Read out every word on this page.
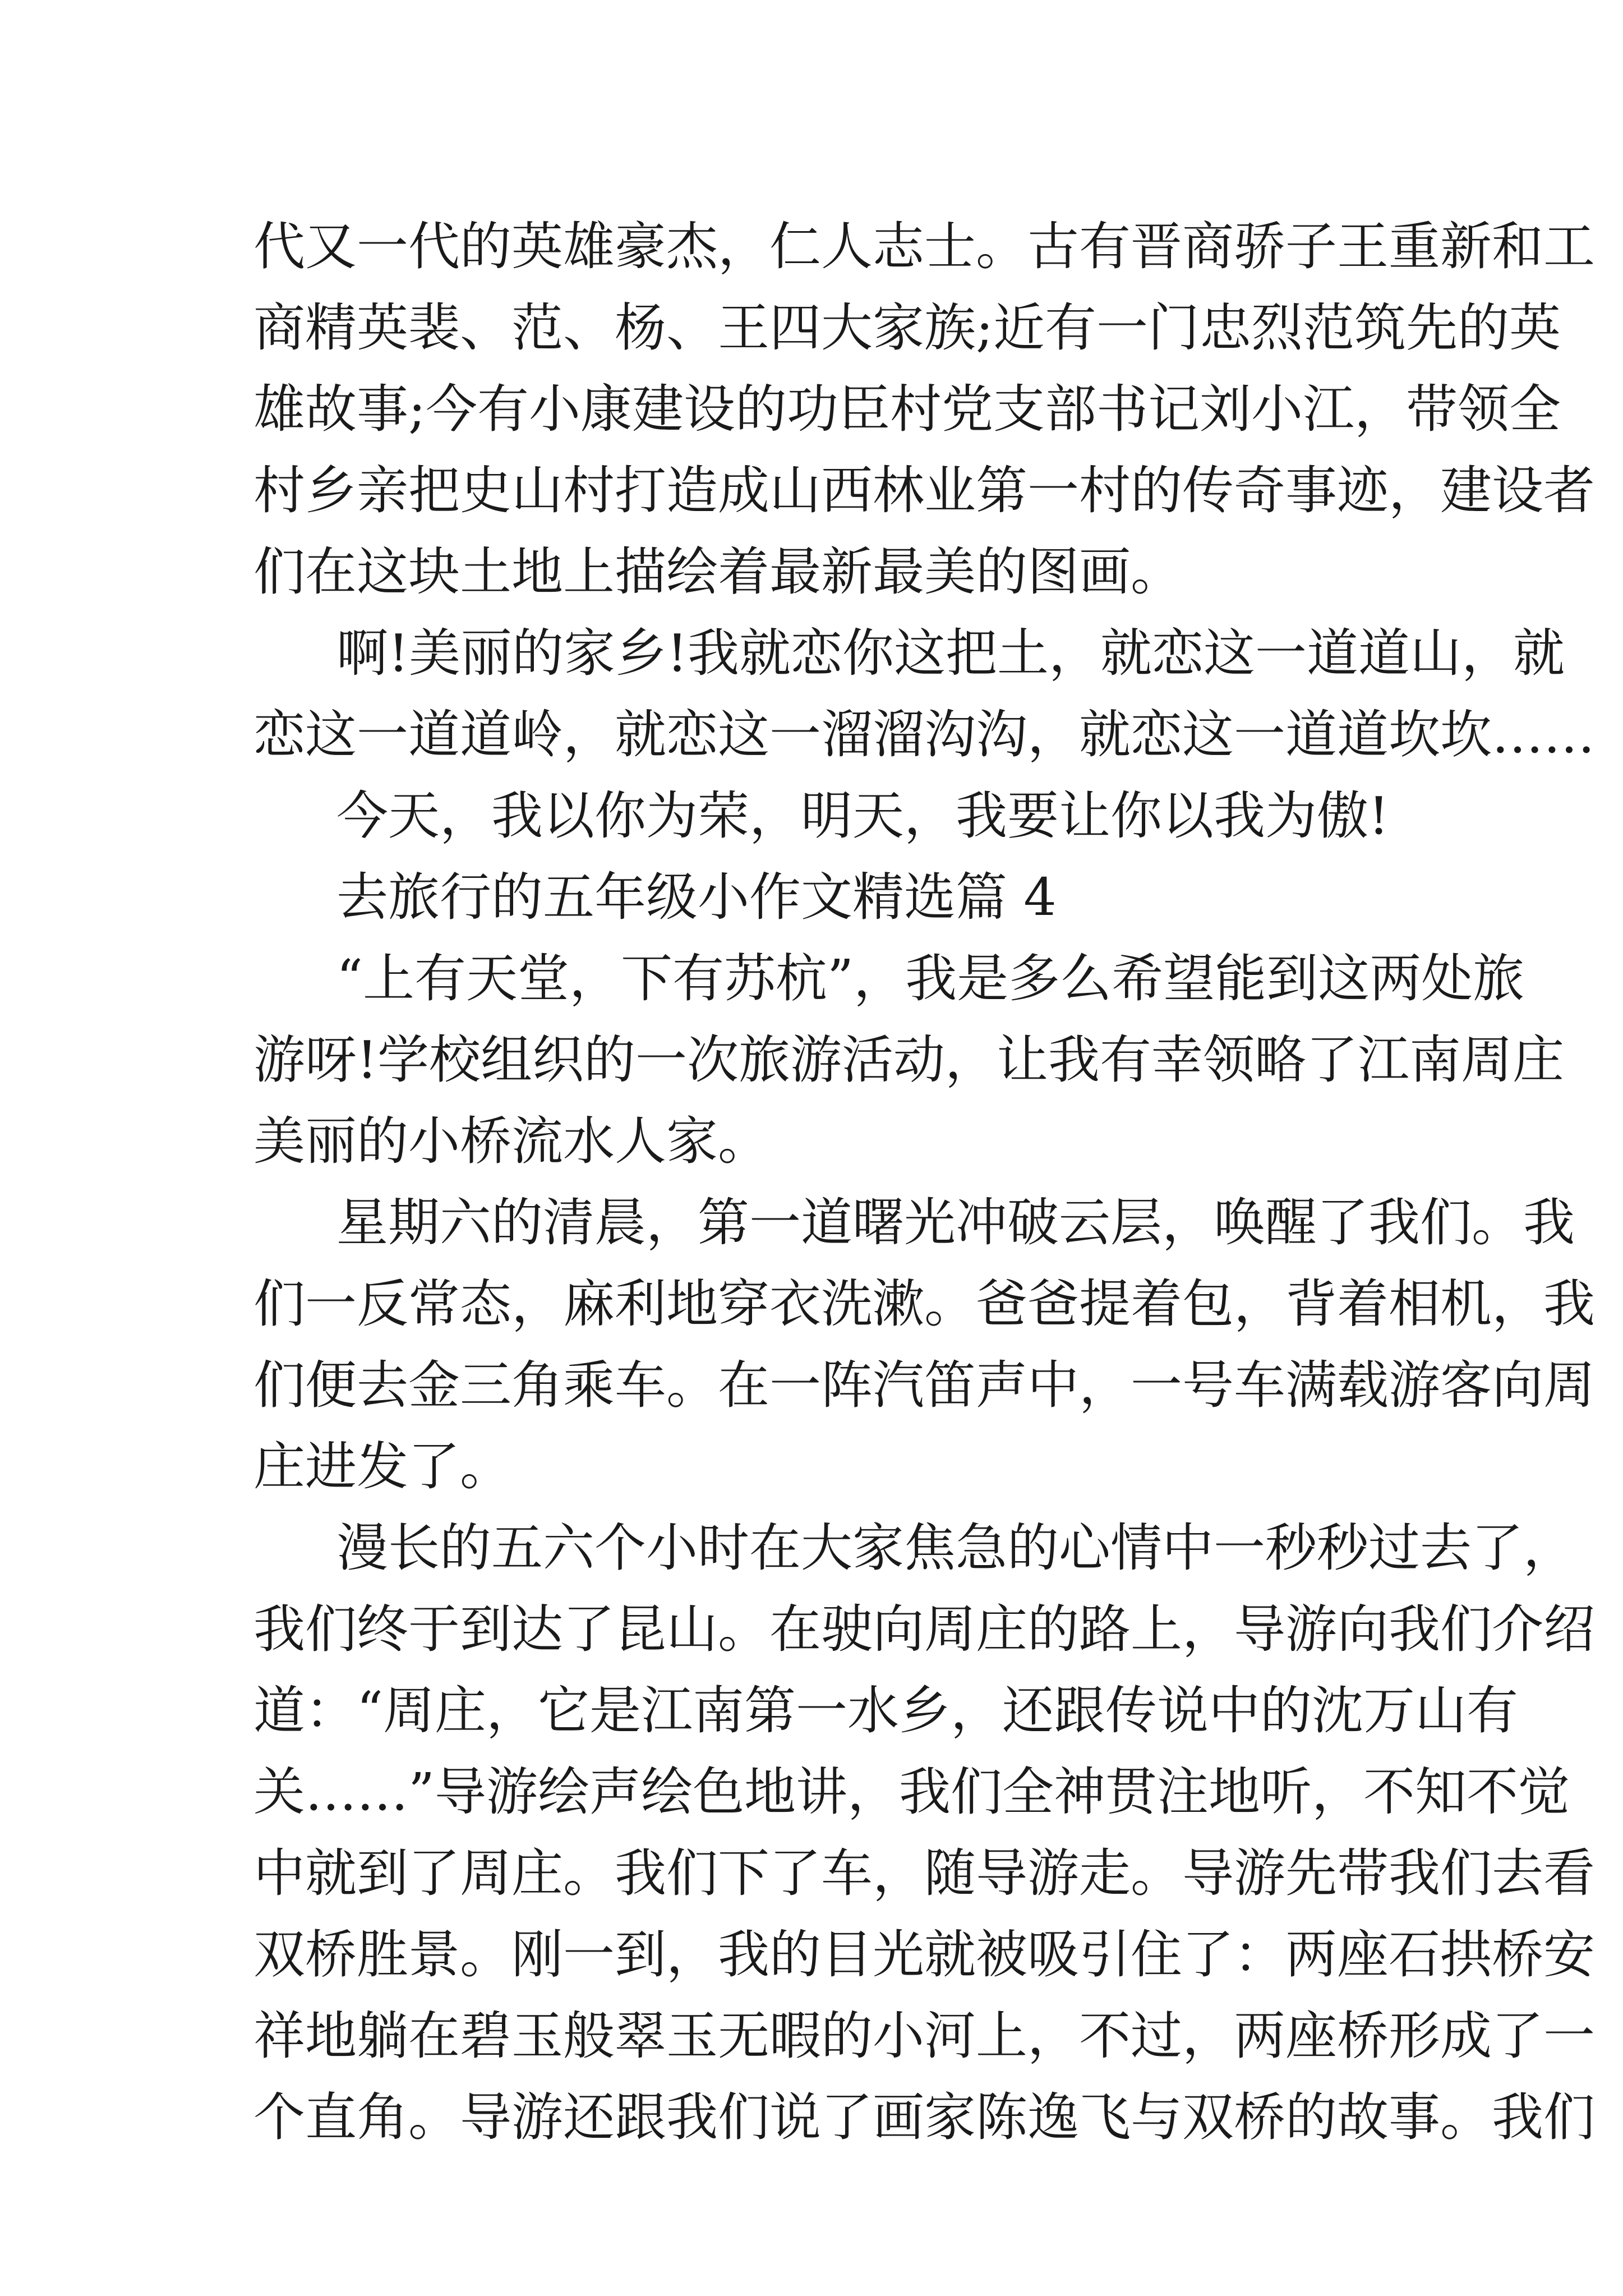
代又一代的英雄豪杰，仁人志士。古有晋商骄子王重新和工

商精英裴、范、杨、王四大家族;近有一门忠烈范筑先的英

雄故事;今有小康建设的功臣村党支部书记刘小江，带领全

村乡亲把史山村打造成山西林业第一村的传奇事迹，建设者

们在这块土地上描绘着最新最美的图画。

啊!美丽的家乡!我就恋你这把土，就恋这一道道山，就

恋这一道道岭，就恋这一溜溜沟沟，就恋这一道道坎坎……

今天，我以你为荣，明天，我要让你以我为傲!

去旅行的五年级小作文精选篇 4

“上有天堂，下有苏杭”，我是多么希望能到这两处旅

游呀!学校组织的一次旅游活动，让我有幸领略了江南周庄

美丽的小桥流水人家。

星期六的清晨，第一道曙光冲破云层，唤醒了我们。我

们一反常态，麻利地穿衣洗漱。爸爸提着包，背着相机，我

们便去金三角乘车。在一阵汽笛声中，一号车满载游客向周

庄进发了。

漫长的五六个小时在大家焦急的心情中一秒秒过去了，

我们终于到达了昆山。在驶向周庄的路上，导游向我们介绍

道：“周庄，它是江南第一水乡，还跟传说中的沈万山有

关……”导游绘声绘色地讲，我们全神贯注地听，不知不觉

中就到了周庄。我们下了车，随导游走。导游先带我们去看

双桥胜景。刚一到，我的目光就被吸引住了：两座石拱桥安

祥地躺在碧玉般翠玉无暇的小河上，不过，两座桥形成了一

个直角。导游还跟我们说了画家陈逸飞与双桥的故事。我们
